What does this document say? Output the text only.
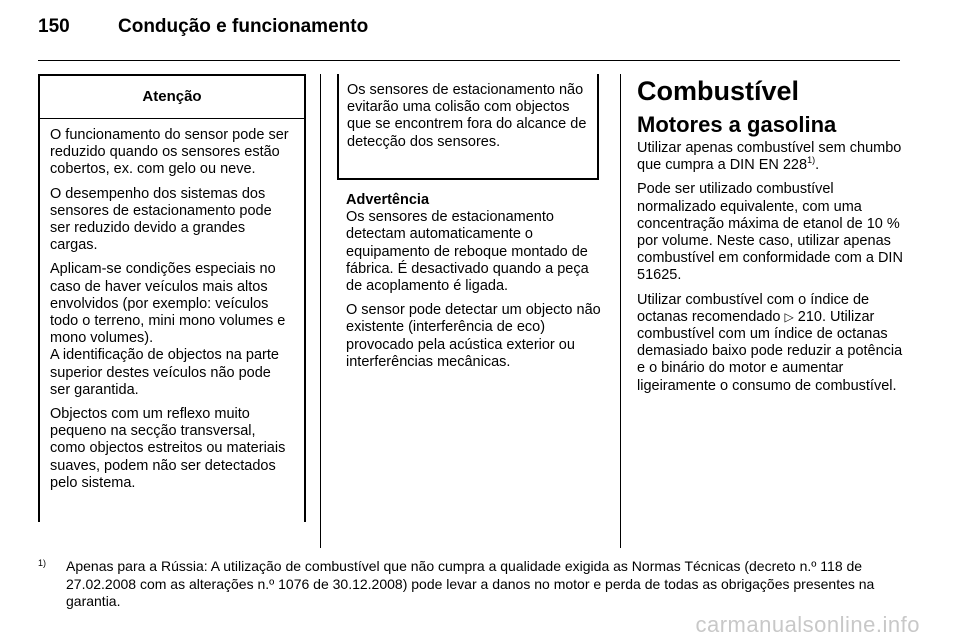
150	Condução e funcionamento
Atenção

O funcionamento do sensor pode ser reduzido quando os sensores estão cobertos, ex. com gelo ou neve.

O desempenho dos sistemas dos sensores de estacionamento pode ser reduzido devido a grandes cargas.

Aplicam-se condições especiais no caso de haver veículos mais altos envolvidos (por exemplo: veículos todo o terreno, mini mono volumes e mono volumes).

A identificação de objectos na parte superior destes veículos não pode ser garantida.

Objectos com um reflexo muito pequeno na secção transversal, como objectos estreitos ou materiais suaves, podem não ser detectados pelo sistema.

Os sensores de estacionamento não evitarão uma colisão com objectos que se encontrem fora do alcance de detecção dos sensores.

Advertência

Os sensores de estacionamento detectam automaticamente o equipamento de reboque montado de fábrica. É desactivado quando a peça de acoplamento é ligada.

O sensor pode detectar um objecto não existente (interferência de eco) provocado pela acústica exterior ou interferências mecânicas.

Combustível
Motores a gasolina

Utilizar apenas combustível sem chumbo que cumpra a DIN EN 228$^{1)}$.

Pode ser utilizado combustível normalizado equivalente, com uma concentração máxima de etanol de 10 % por volume. Neste caso, utilizar apenas combustível em conformidade com a DIN 51625.

Utilizar combustível com o índice de octanas recomendado ▷ 210. Utilizar combustível com um índice de octanas demasiado baixo pode reduzir a potência e o binário do motor e aumentar ligeiramente o consumo de combustível.

1) Apenas para a Rússia: A utilização de combustível que não cumpra a qualidade exigida as Normas Técnicas (decreto n.º 118 de 27.02.2008 com as alterações n.º 1076 de 30.12.2008) pode levar a danos no motor e perda de todas as obrigações presentes na garantia.
carmanualsonline.info
